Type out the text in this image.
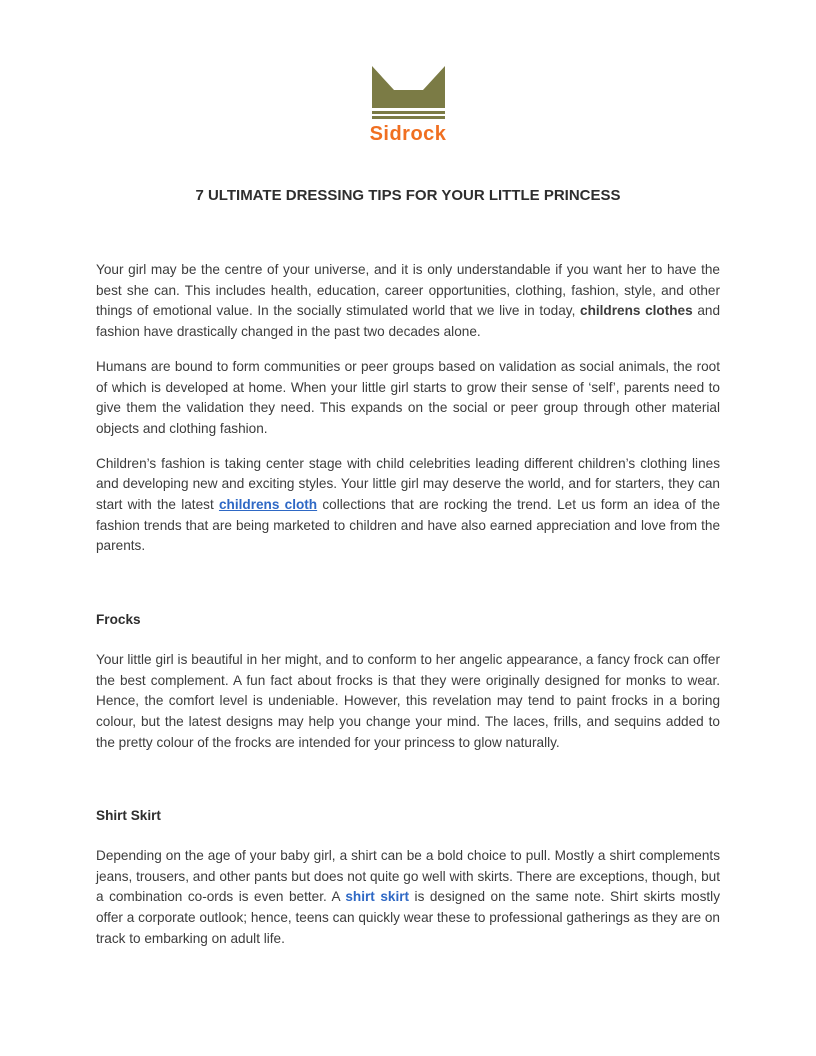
Sidrock
7 ULTIMATE DRESSING TIPS FOR YOUR LITTLE PRINCESS

Your girl may be the centre of your universe, and it is only understandable if you want her to have the best she can. This includes health, education, career opportunities, clothing, fashion, style, and other things of emotional value. In the socially stimulated world that we live in today, childrens clothes and fashion have drastically changed in the past two decades alone.

Humans are bound to form communities or peer groups based on validation as social animals, the root of which is developed at home. When your little girl starts to grow their sense of ‘self’, parents need to give them the validation they need. This expands on the social or peer group through other material objects and clothing fashion.

Children’s fashion is taking center stage with child celebrities leading different children’s clothing lines and developing new and exciting styles. Your little girl may deserve the world, and for starters, they can start with the latest childrens cloth collections that are rocking the trend. Let us form an idea of the fashion trends that are being marketed to children and have also earned appreciation and love from the parents.

Frocks

Your little girl is beautiful in her might, and to conform to her angelic appearance, a fancy frock can offer the best complement. A fun fact about frocks is that they were originally designed for monks to wear. Hence, the comfort level is undeniable. However, this revelation may tend to paint frocks in a boring colour, but the latest designs may help you change your mind. The laces, frills, and sequins added to the pretty colour of the frocks are intended for your princess to glow naturally.

Shirt Skirt

Depending on the age of your baby girl, a shirt can be a bold choice to pull. Mostly a shirt complements jeans, trousers, and other pants but does not quite go well with skirts. There are exceptions, though, but a combination co-ords is even better. A shirt skirt is designed on the same note. Shirt skirts mostly offer a corporate outlook; hence, teens can quickly wear these to professional gatherings as they are on track to embarking on adult life.
